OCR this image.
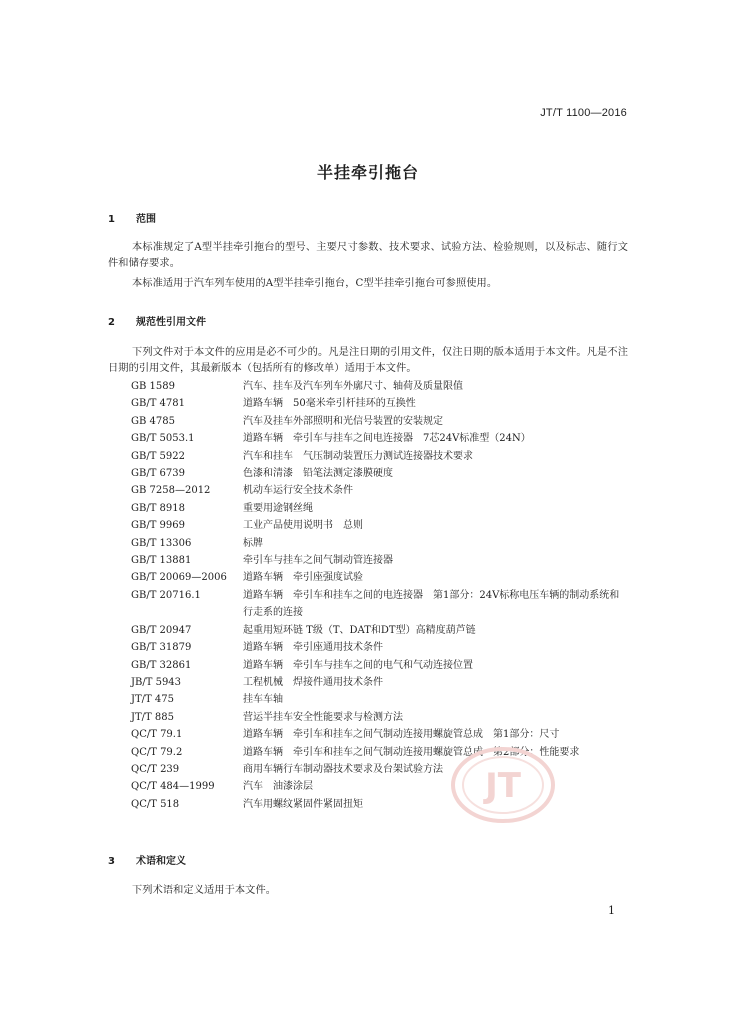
JT/T 1100—2016
半挂牵引拖台
1 范围
本标准规定了A型半挂牵引拖台的型号、主要尺寸参数、技术要求、试验方法、检验规则，以及标志、随行文件和储存要求。
本标准适用于汽车列车使用的A型半挂牵引拖台，C型半挂牵引拖台可参照使用。
2 规范性引用文件
下列文件对于本文件的应用是必不可少的。凡是注日期的引用文件，仅注日期的版本适用于本文件。凡是不注日期的引用文件，其最新版本（包括所有的修改单）适用于本文件。
GB 1589	汽车、挂车及汽车列车外廓尺寸、轴荷及质量限值
GB/T 4781	道路车辆　50毫米牵引杆挂环的互换性
GB 4785	汽车及挂车外部照明和光信号装置的安装规定
GB/T 5053.1	道路车辆　牵引车与挂车之间电连接器　7芯24V标准型（24N）
GB/T 5922	汽车和挂车　气压制动装置压力测试连接器技术要求
GB/T 6739	色漆和清漆　铅笔法测定漆膜硬度
GB 7258—2012	机动车运行安全技术条件
GB/T 8918	重要用途钢丝绳
GB/T 9969	工业产品使用说明书　总则
GB/T 13306	标牌
GB/T 13881	牵引车与挂车之间气制动管连接器
GB/T 20069—2006	道路车辆　牵引座强度试验
GB/T 20716.1	道路车辆　牵引车和挂车之间的电连接器　第1部分：24V标称电压车辆的制动系统和行走系的连接
GB/T 20947	起重用短环链 T级（T、DAT和DT型）高精度葫芦链
GB/T 31879	道路车辆　牵引座通用技术条件
GB/T 32861	道路车辆　牵引车与挂车之间的电气和气动连接位置
JB/T 5943	工程机械　焊接件通用技术条件
JT/T 475	挂车车轴
JT/T 885	营运半挂车安全性能要求与检测方法
QC/T 79.1	道路车辆　牵引车和挂车之间气制动连接用螺旋管总成　第1部分：尺寸
QC/T 79.2	道路车辆　牵引车和挂车之间气制动连接用螺旋管总成　第2部分：性能要求
QC/T 239	商用车辆行车制动器技术要求及台架试验方法
QC/T 484—1999	汽车　油漆涂层
QC/T 518	汽车用螺纹紧固件紧固扭矩
3 术语和定义
下列术语和定义适用于本文件。
JT
1
